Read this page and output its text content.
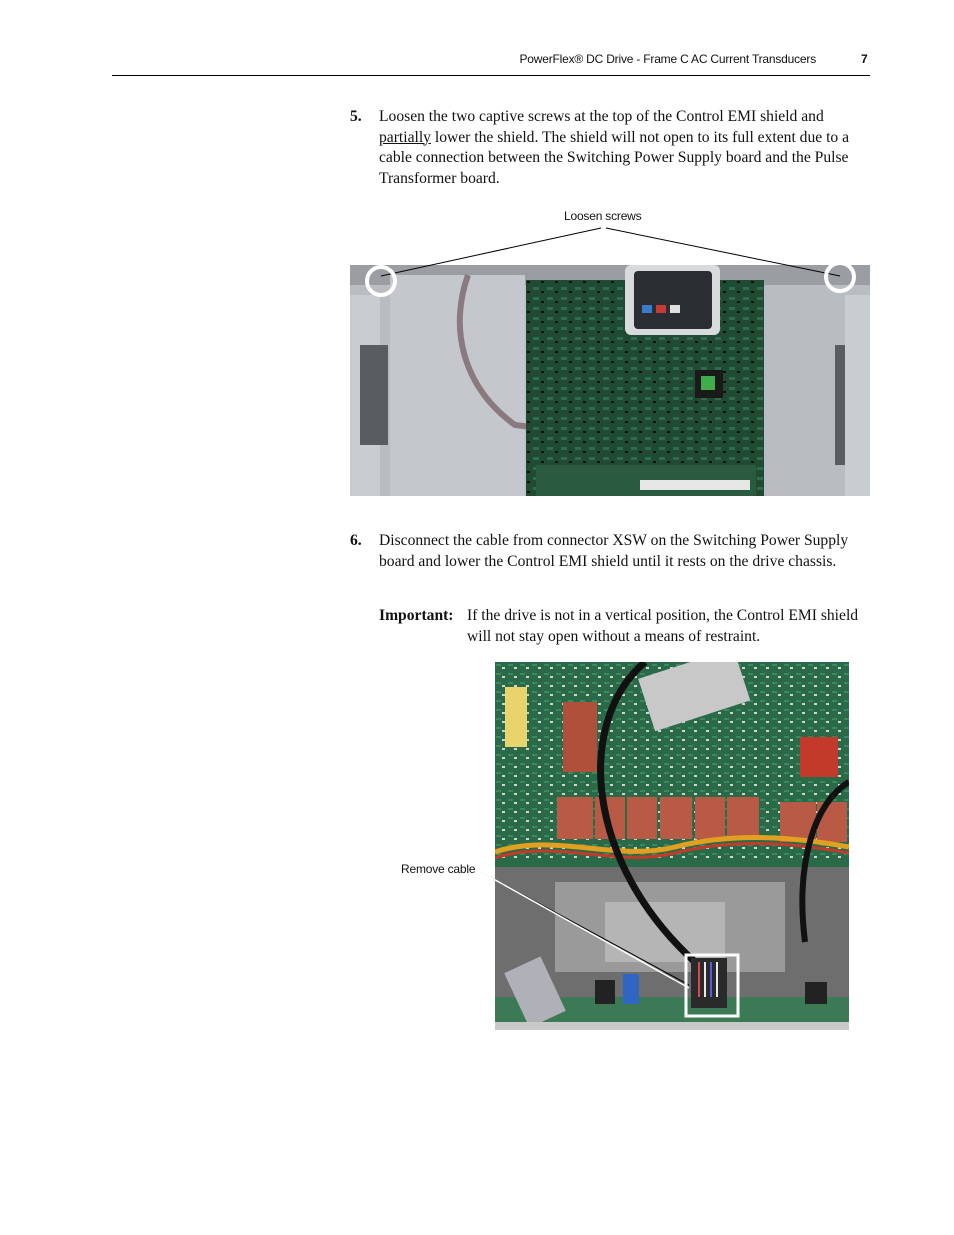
PowerFlex® DC Drive - Frame C AC Current Transducers	7
5. Loosen the two captive screws at the top of the Control EMI shield and partially lower the shield. The shield will not open to its full extent due to a cable connection between the Switching Power Supply board and the Pulse Transformer board.
Loosen screws
6. Disconnect the cable from connector XSW on the Switching Power Supply board and lower the Control EMI shield until it rests on the drive chassis.
Important: If the drive is not in a vertical position, the Control EMI shield will not stay open without a means of restraint.
Remove cable
